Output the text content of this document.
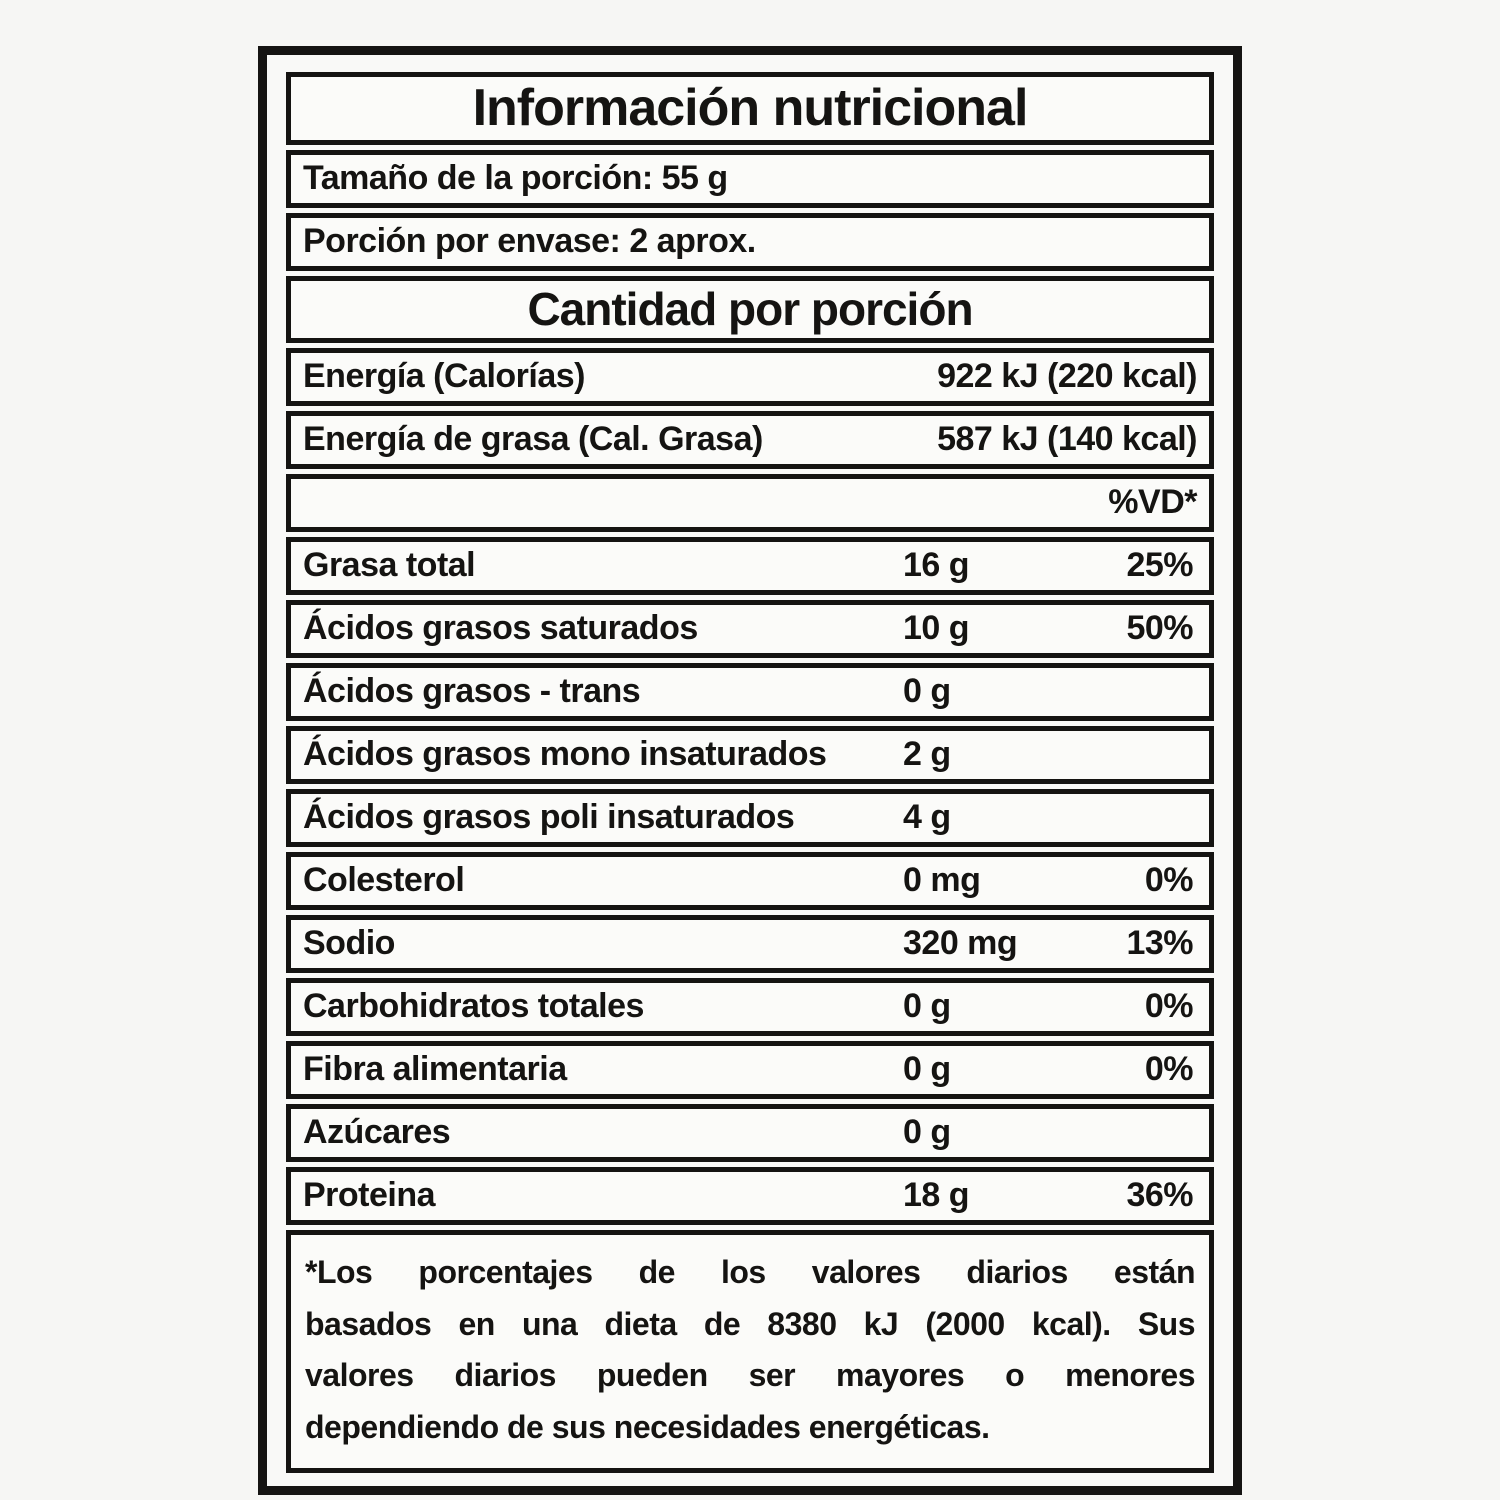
Información nutricional
Tamaño de la porción: 55 g
Porción por envase: 2 aprox.
Cantidad por porción
Energía (Calorías)	922 kJ (220 kcal)
Energía de grasa (Cal. Grasa)	587 kJ (140 kcal)
%VD*
Grasa total	16 g	25%
Ácidos grasos saturados	10 g	50%
Ácidos grasos - trans	0 g
Ácidos grasos mono insaturados	2 g
Ácidos grasos poli insaturados	4 g
Colesterol	0 mg	0%
Sodio	320 mg	13%
Carbohidratos totales	0 g	0%
Fibra alimentaria	0 g	0%
Azúcares	0 g
Proteina	18 g	36%
*Los porcentajes de los valores diarios están
basados en una dieta de 8380 kJ (2000 kcal). Sus
valores diarios pueden ser mayores o menores
dependiendo de sus necesidades energéticas.
